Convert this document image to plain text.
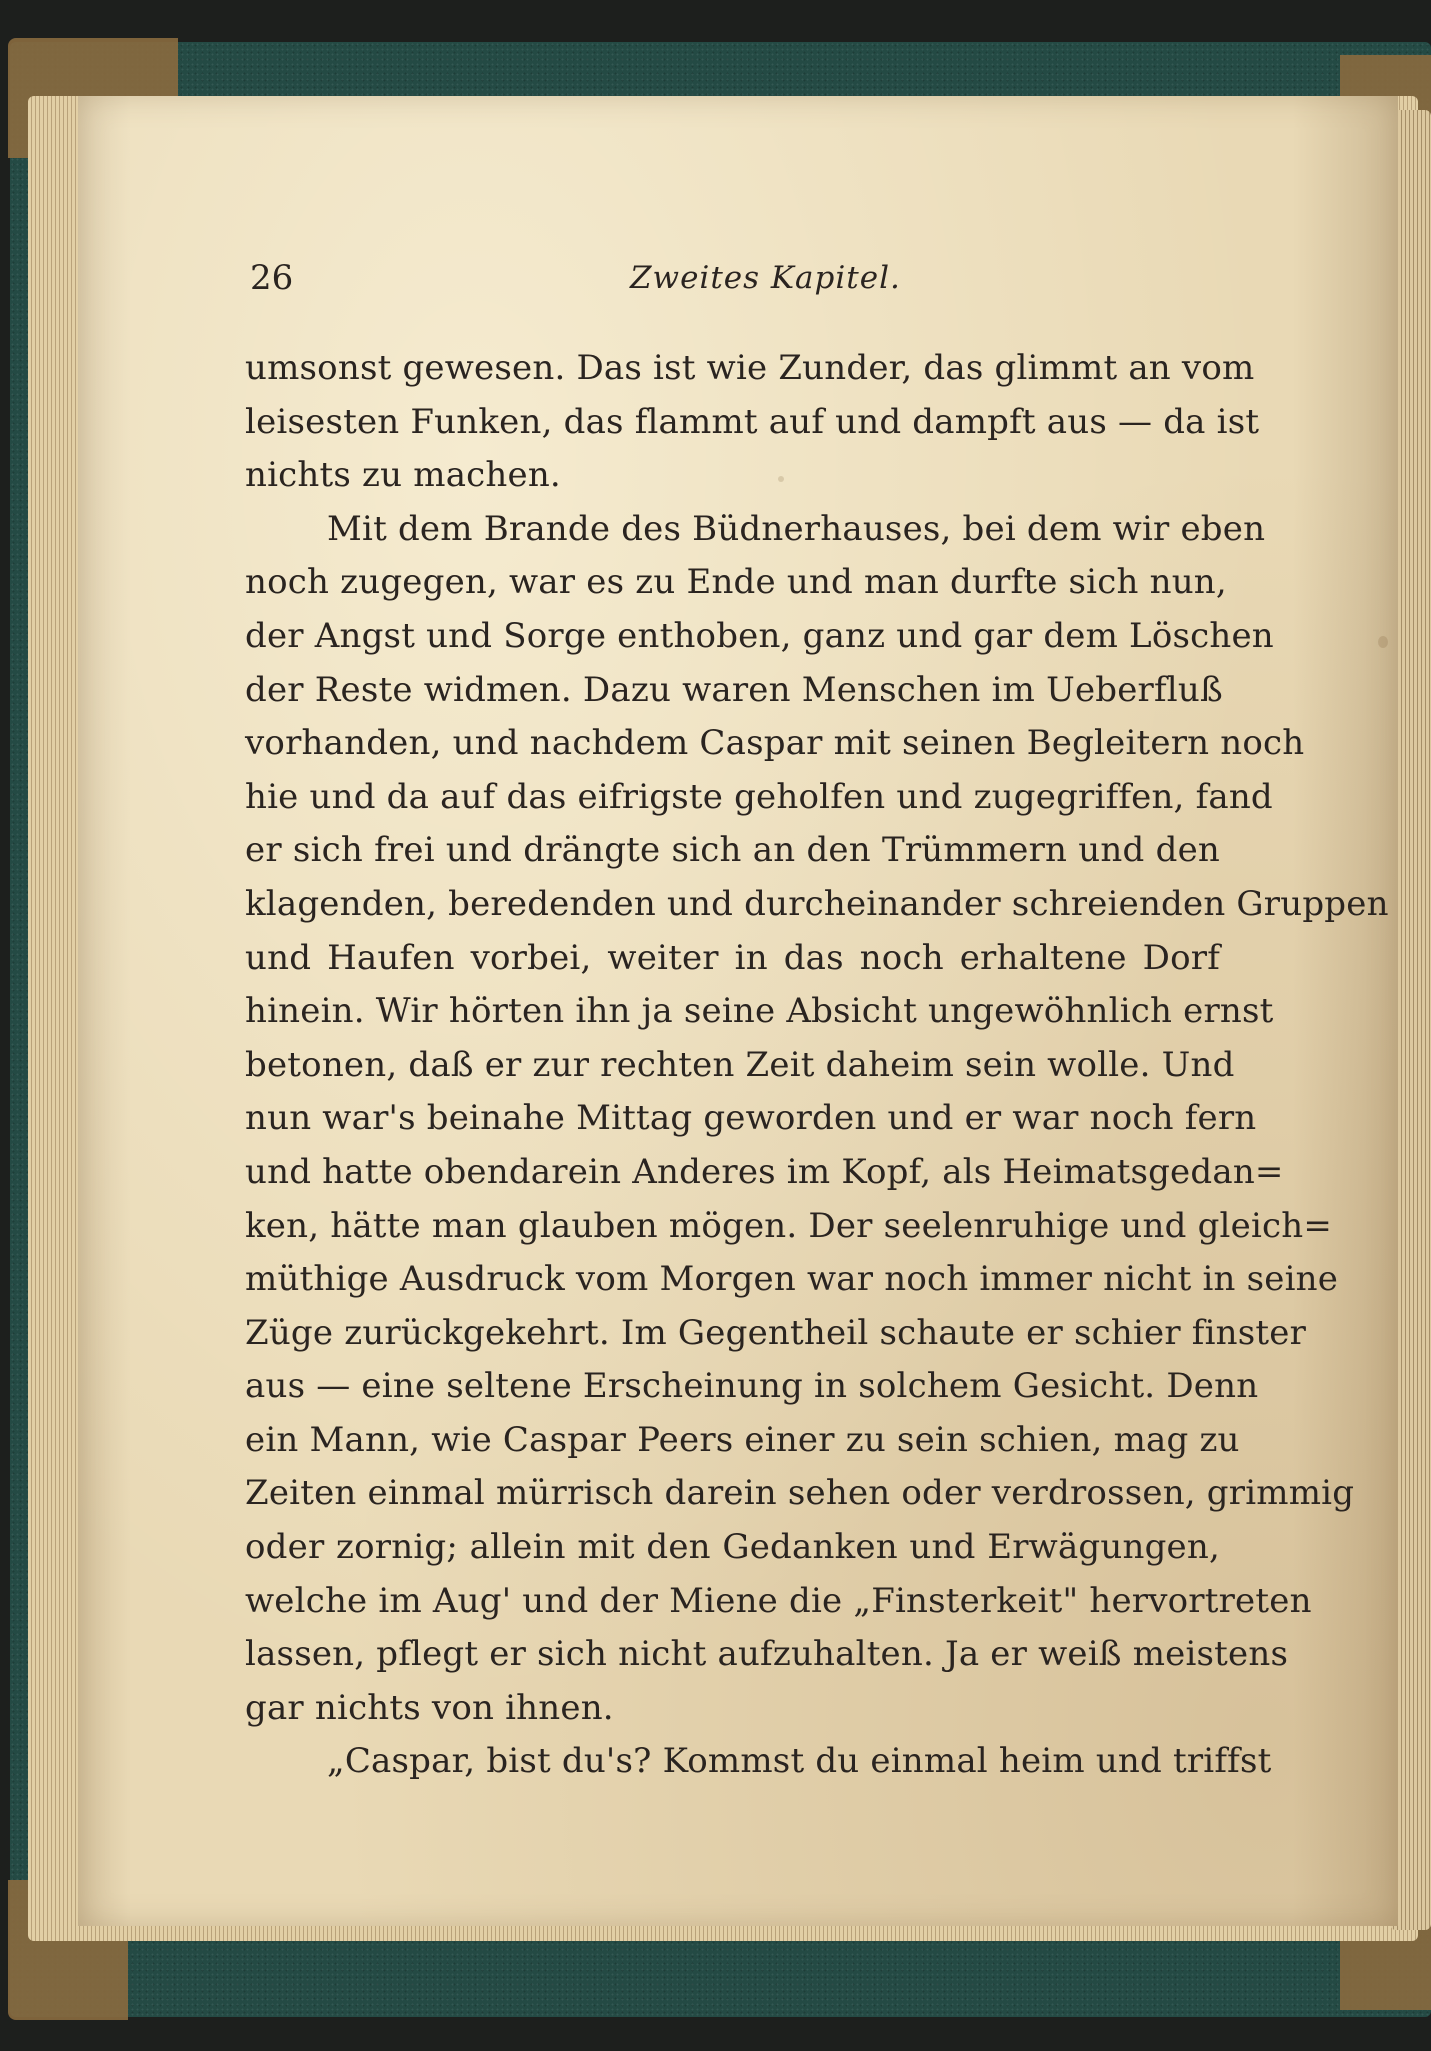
26	Zweites Kapitel.
umsonst gewesen. Das ist wie Zunder, das glimmt an vom
leisesten Funken, das flammt auf und dampft aus — da ist
nichts zu machen.
Mit dem Brande des Büdnerhauses, bei dem wir eben
noch zugegen, war es zu Ende und man durfte sich nun,
der Angst und Sorge enthoben, ganz und gar dem Löschen
der Reste widmen. Dazu waren Menschen im Ueberfluß
vorhanden, und nachdem Caspar mit seinen Begleitern noch
hie und da auf das eifrigste geholfen und zugegriffen, fand
er sich frei und drängte sich an den Trümmern und den
klagenden, beredenden und durcheinander schreienden Gruppen
und Haufen vorbei, weiter in das noch erhaltene Dorf
hinein. Wir hörten ihn ja seine Absicht ungewöhnlich ernst
betonen, daß er zur rechten Zeit daheim sein wolle. Und
nun war's beinahe Mittag geworden und er war noch fern
und hatte obendarein Anderes im Kopf, als Heimatsgedan=
ken, hätte man glauben mögen. Der seelenruhige und gleich=
müthige Ausdruck vom Morgen war noch immer nicht in seine
Züge zurückgekehrt. Im Gegentheil schaute er schier finster
aus — eine seltene Erscheinung in solchem Gesicht. Denn
ein Mann, wie Caspar Peers einer zu sein schien, mag zu
Zeiten einmal mürrisch darein sehen oder verdrossen, grimmig
oder zornig; allein mit den Gedanken und Erwägungen,
welche im Aug' und der Miene die „Finsterkeit" hervortreten
lassen, pflegt er sich nicht aufzuhalten. Ja er weiß meistens
gar nichts von ihnen.
„Caspar, bist du's? Kommst du einmal heim und triffst
